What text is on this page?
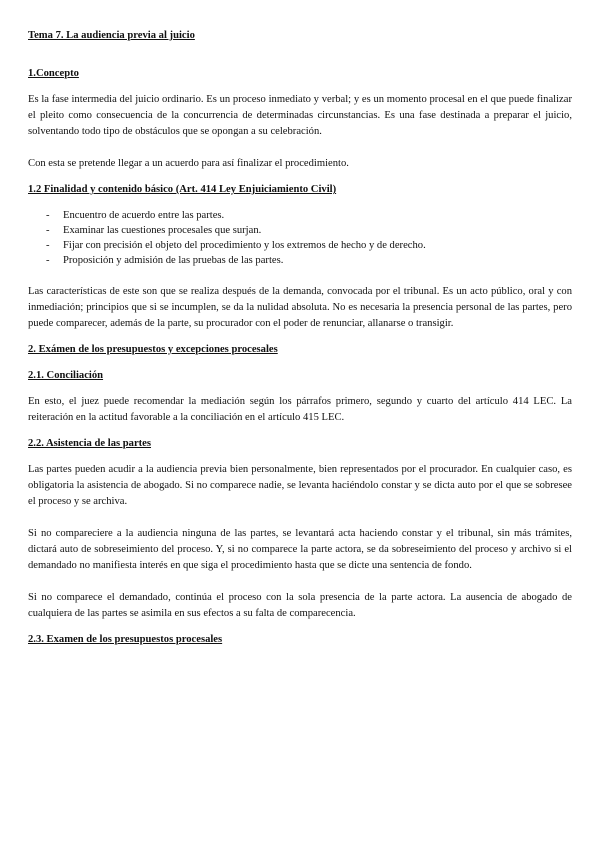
Tema 7. La audiencia previa al juicio

1.Concepto

Es la fase intermedia del juicio ordinario. Es un proceso inmediato y verbal; y es un momento procesal en el que puede finalizar el pleito como consecuencia de la concurrencia de determinadas circunstancias. Es una fase destinada a preparar el juicio, solventando todo tipo de obstáculos que se opongan a su celebración.

Con esta se pretende llegar a un acuerdo para así finalizar el procedimiento.

1.2 Finalidad y contenido básico (Art. 414 Ley Enjuiciamiento Civil)

- Encuentro de acuerdo entre las partes.
- Examinar las cuestiones procesales que surjan.
- Fijar con precisión el objeto del procedimiento y los extremos de hecho y de derecho.
- Proposición y admisión de las pruebas de las partes.

Las características de este son que se realiza después de la demanda, convocada por el tribunal. Es un acto público, oral y con inmediación; principios que si se incumplen, se da la nulidad absoluta. No es necesaria la presencia personal de las partes, pero puede comparecer, además de la parte, su procurador con el poder de renunciar, allanarse o transigir.

2. Exámen de los presupuestos y excepciones procesales

2.1. Conciliación

En esto, el juez puede recomendar la mediación según los párrafos primero, segundo y cuarto del artículo 414 LEC. La reiteración en la actitud favorable a la conciliación en el artículo 415 LEC.

2.2. Asistencia de las partes

Las partes pueden acudir a la audiencia previa bien personalmente, bien representados por el procurador. En cualquier caso, es obligatoria la asistencia de abogado. Si no comparece nadie, se levanta haciéndolo constar y se dicta auto por el que se sobresee el proceso y se archiva.

Si no compareciere a la audiencia ninguna de las partes, se levantará acta haciendo constar y el tribunal, sin más trámites, dictará auto de sobreseimiento del proceso. Y, si no comparece la parte actora, se da sobreseimiento del proceso y archivo si el demandado no manifiesta interés en que siga el procedimiento hasta que se dicte una sentencia de fondo.

Si no comparece el demandado, continúa el proceso con la sola presencia de la parte actora. La ausencia de abogado de cualquiera de las partes se asimila en sus efectos a su falta de comparecencia.

2.3. Examen de los presupuestos procesales
